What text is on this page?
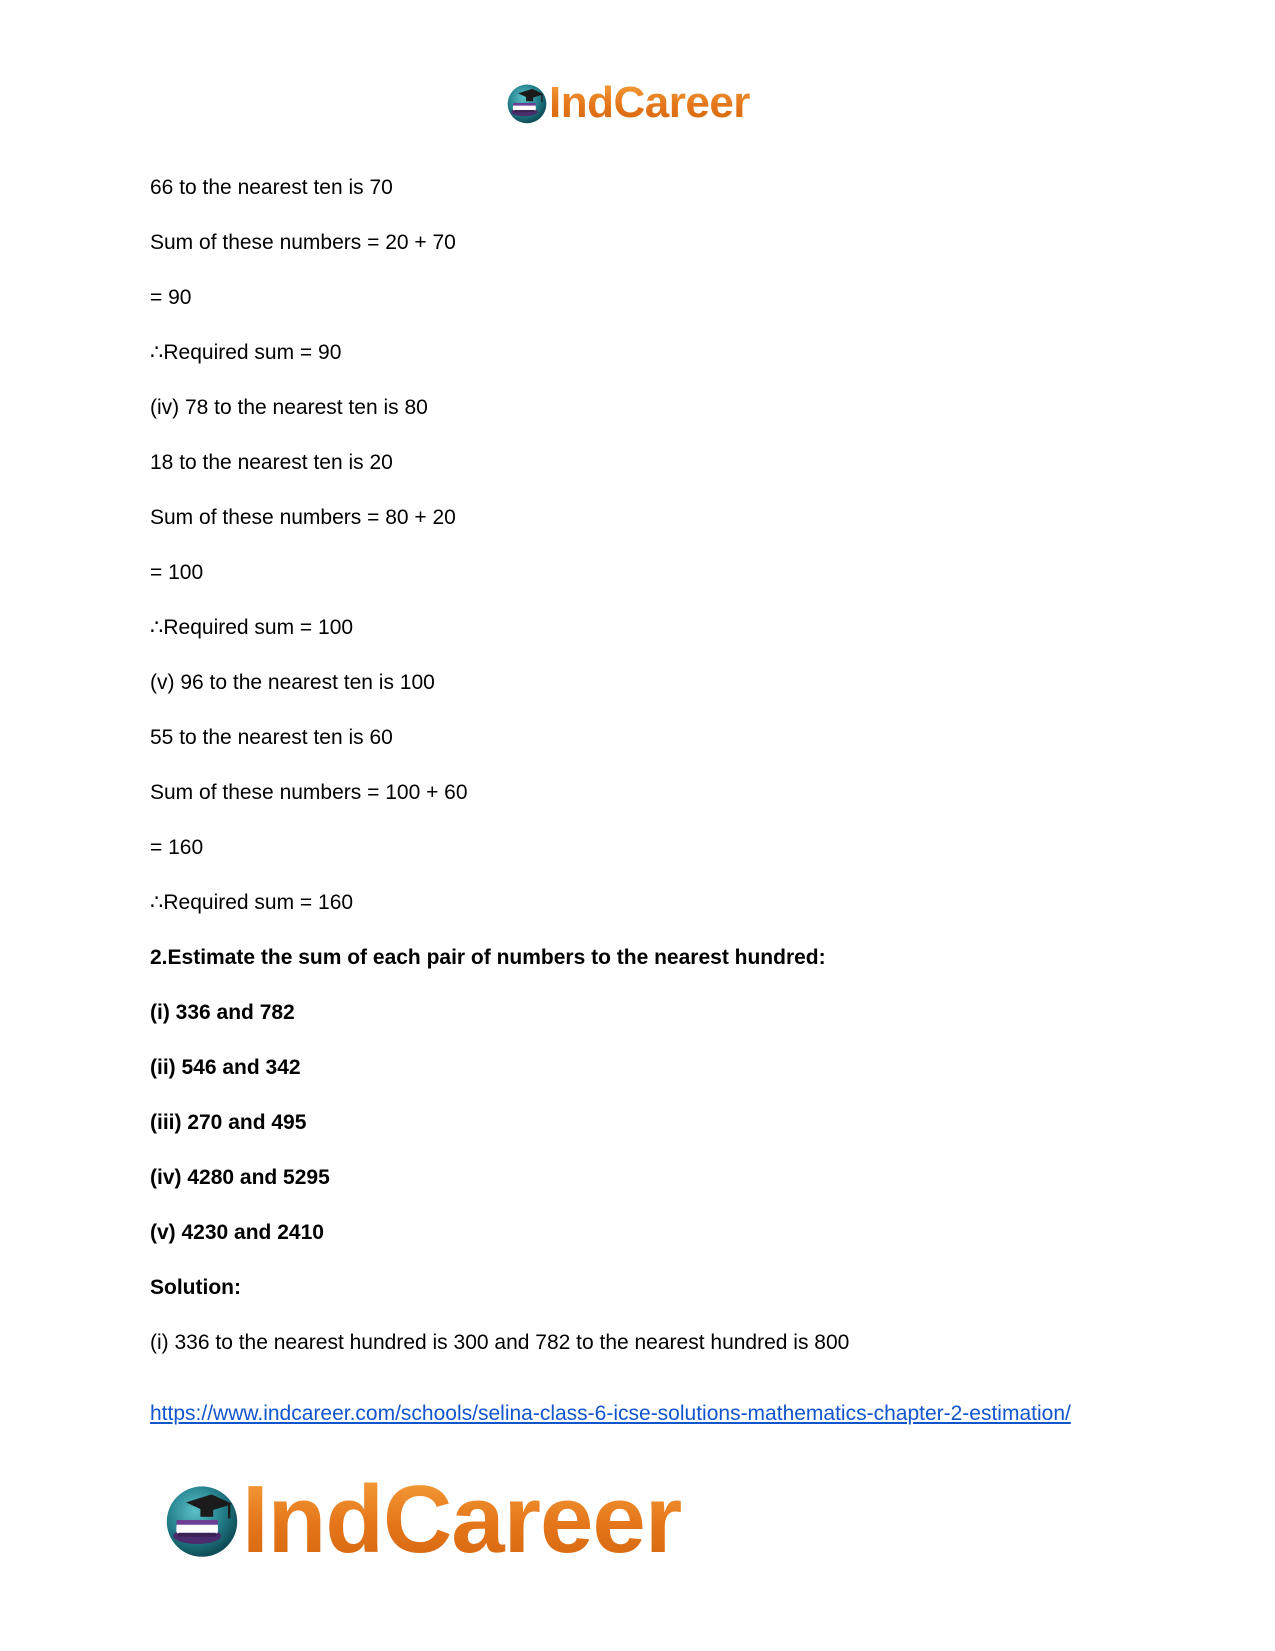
IndCareer
66 to the nearest ten is 70
Sum of these numbers = 20 + 70
= 90
∴Required sum = 90
(iv) 78 to the nearest ten is 80
18 to the nearest ten is 20
Sum of these numbers = 80 + 20
= 100
∴Required sum = 100
(v) 96 to the nearest ten is 100
55 to the nearest ten is 60
Sum of these numbers = 100 + 60
= 160
∴Required sum = 160
2.Estimate the sum of each pair of numbers to the nearest hundred:
(i) 336 and 782
(ii) 546 and 342
(iii) 270 and 495
(iv) 4280 and 5295
(v) 4230 and 2410
Solution:
(i) 336 to the nearest hundred is 300 and 782 to the nearest hundred is 800
https://www.indcareer.com/schools/selina-class-6-icse-solutions-mathematics-chapter-2-estimation/
IndCareer
